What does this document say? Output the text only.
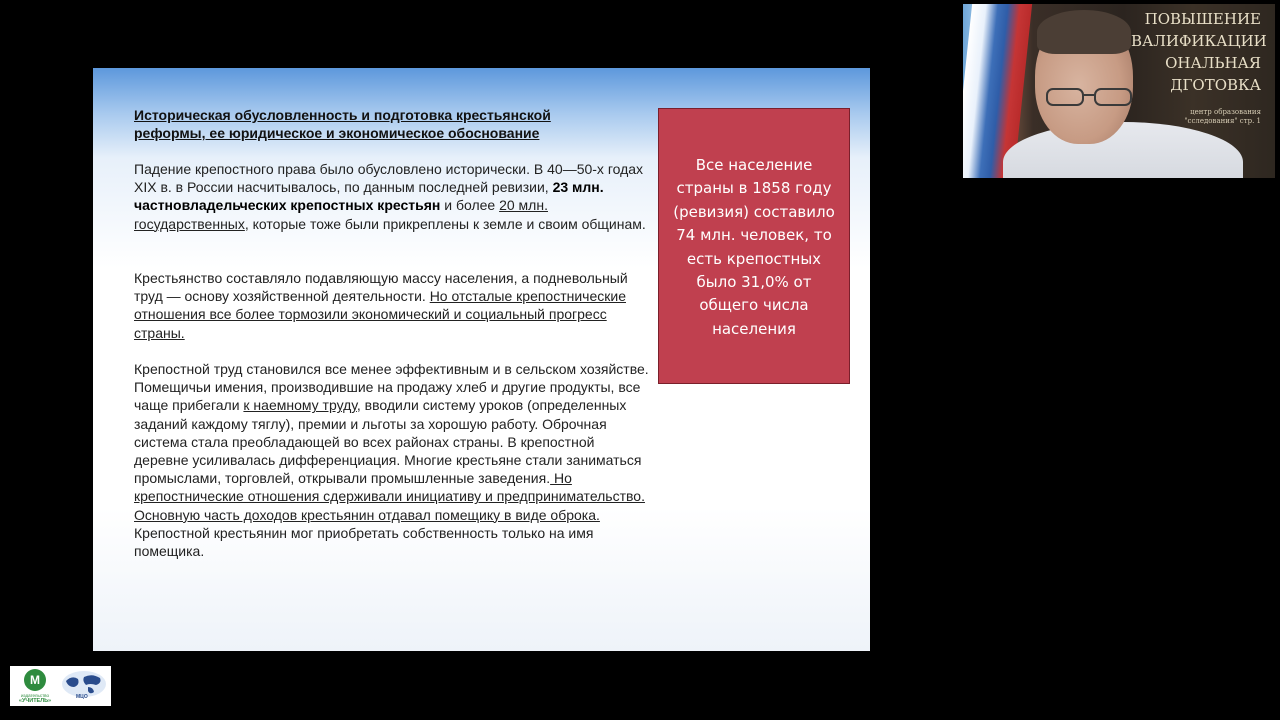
Историческая обусловленность и подготовка крестьянской реформы, ее юридическое и экономическое обоснование
Падение крепостного права было обусловлено исторически. В 40—50-х годах XIX в. в России насчитывалось, по данным последней ревизии, 23 млн. частновладельческих крепостных крестьян и более 20 млн. государственных, которые тоже были прикреплены к земле и своим общинам.
Крестьянство составляло подавляющую массу населения, а подневольный труд — основу хозяйственной деятельности. Но отсталые крепостнические отношения все более тормозили экономический и социальный прогресс страны.
Крепостной труд становился все менее эффективным и в сельском хозяйстве. Помещичьи имения, производившие на продажу хлеб и другие продукты, все чаще прибегали к наемному труду, вводили систему уроков (определенных заданий каждому тяглу), премии и льготы за хорошую работу. Оброчная система стала преобладающей во всех районах страны. В крепостной деревне усиливалась дифференциация. Многие крестьяне стали заниматься промыслами, торговлей, открывали промышленные заведения. Но крепостнические отношения сдерживали инициативу и предпринимательство. Основную часть доходов крестьянин отдавал помещику в виде оброка. Крепостной крестьянин мог приобретать собственность только на имя помещика.
Все население страны в 1858 году (ревизия) составило 74 млн. человек, то есть крепостных было 31,0% от общего числа населения
ПОВЫШЕНИЕ
ВАЛИФИКАЦИИ
ОНАЛЬНАЯ
ДГОТОВКА
центр образования "сследования" стр. 1
М
издательство
«УЧИТЕЛЬ»
МЦО
